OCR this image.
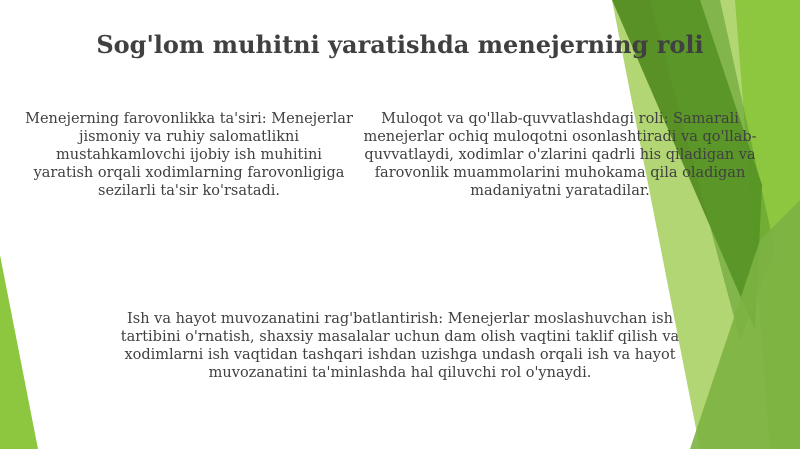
Sog'lom muhitni yaratishda menejerning roli

Menejerning farovonlikka ta'siri: Menejerlar jismoniy va ruhiy salomatlikni mustahkamlovchi ijobiy ish muhitini yaratish orqali xodimlarning farovonligiga sezilarli ta'sir ko'rsatadi.

Muloqot va qo'llab-quvvatlashdagi roli: Samarali menejerlar ochiq muloqotni osonlashtiradi va qo'llab-quvvatlaydi, xodimlar o'zlarini qadrli his qiladigan va farovonlik muammolarini muhokama qila oladigan madaniyatni yaratadilar.

Ish va hayot muvozanatini rag'batlantirish: Menejerlar moslashuvchan ish tartibini o'rnatish, shaxsiy masalalar uchun dam olish vaqtini taklif qilish va xodimlarni ish vaqtidan tashqari ishdan uzishga undash orqali ish va hayot muvozanatini ta'minlashda hal qiluvchi rol o'ynaydi.
